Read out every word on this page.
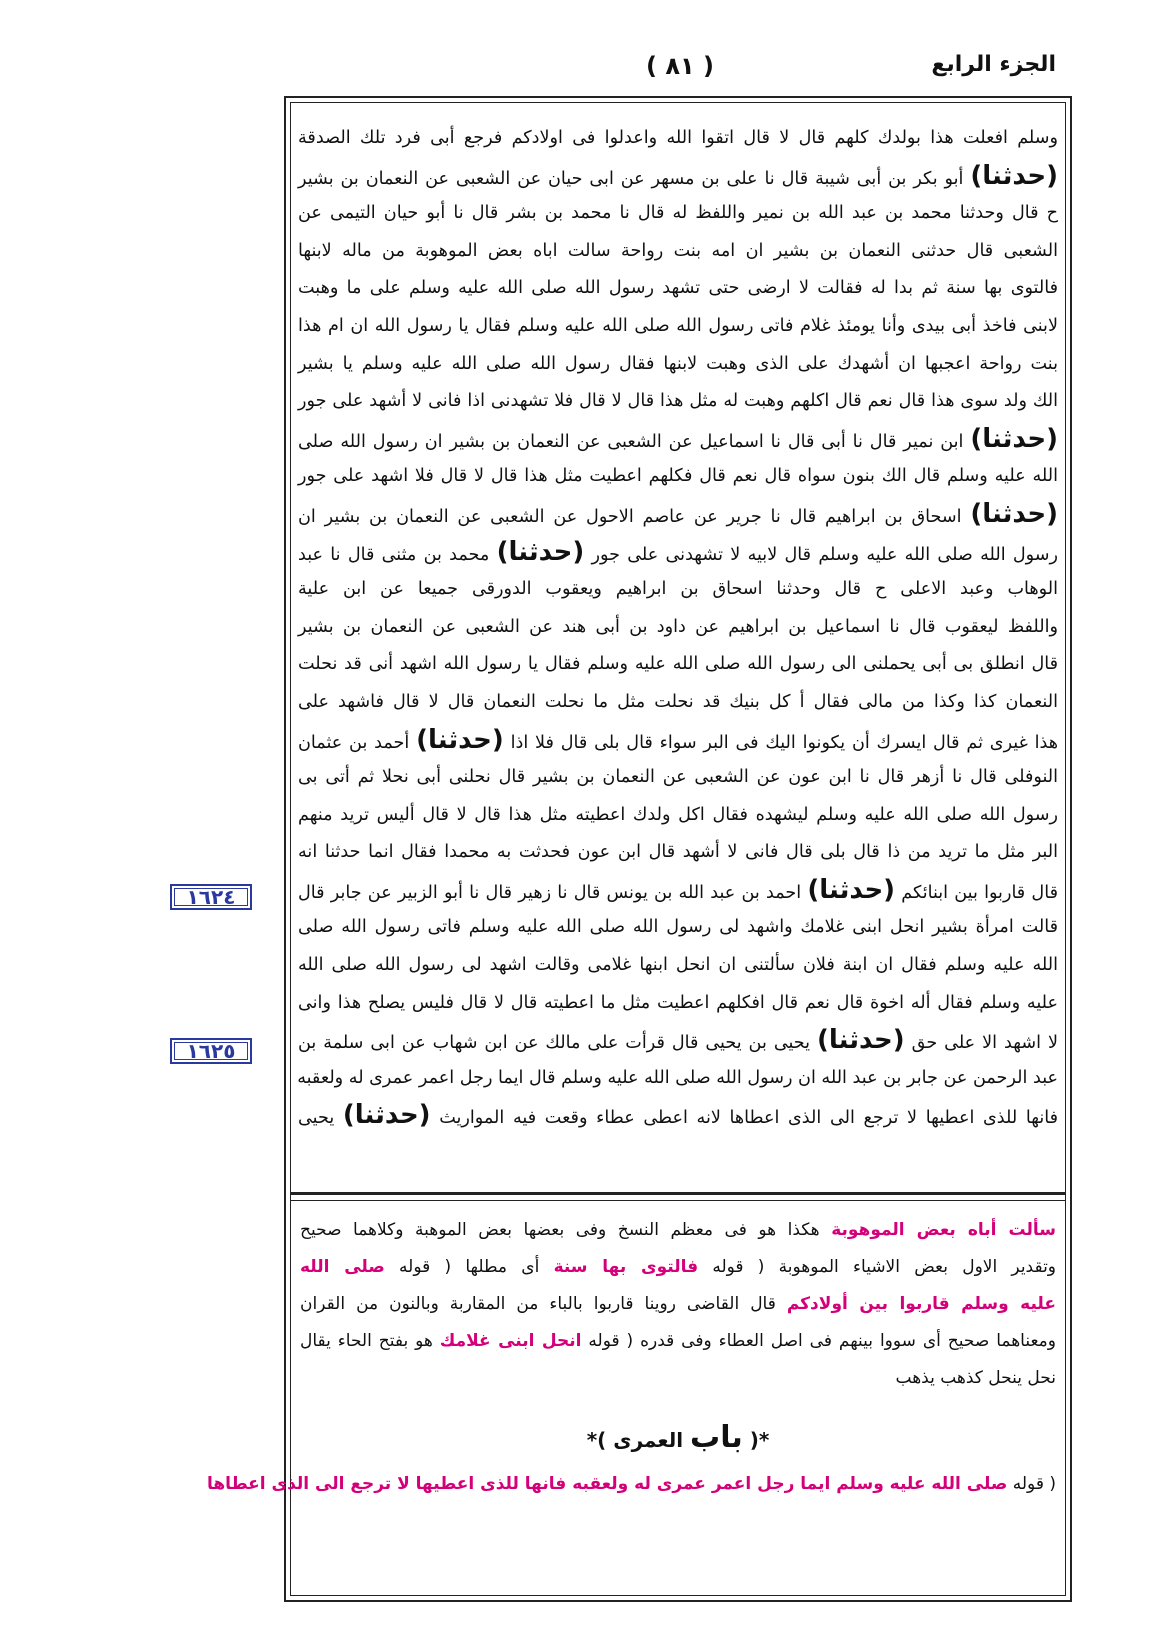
الجزء الرابع
( ٨١ )
١٦٢٤
١٦٢٥
وسلم افعلت هذا بولدك كلهم قال لا قال اتقوا الله واعدلوا فى اولادكم فرجع أبى فرد تلك الصدقة
(حدثنا) أبو بكر بن أبى شيبة قال نا على بن مسهر عن ابى حيان عن الشعبى عن النعمان بن بشير
ح قال وحدثنا محمد بن عبد الله بن نمير واللفظ له قال نا محمد بن بشر قال نا أبو حيان التيمى عن
الشعبى قال حدثنى النعمان بن بشير ان امه بنت رواحة سالت اباه بعض الموهوبة من ماله لابنها
فالتوى بها سنة ثم بدا له فقالت لا ارضى حتى تشهد رسول الله صلى الله عليه وسلم على ما وهبت
لابنى فاخذ أبى بيدى وأنا يومئذ غلام فاتى رسول الله صلى الله عليه وسلم فقال يا رسول الله ان ام هذا
بنت رواحة اعجبها ان أشهدك على الذى وهبت لابنها فقال رسول الله صلى الله عليه وسلم يا بشير
الك ولد سوى هذا قال نعم قال اكلهم وهبت له مثل هذا قال لا قال فلا تشهدنى اذا فانى لا أشهد على جور
(حدثنا) ابن نمير قال نا أبى قال نا اسماعيل عن الشعبى عن النعمان بن بشير ان رسول الله صلى
الله عليه وسلم قال الك بنون سواه قال نعم قال فكلهم اعطيت مثل هذا قال لا قال فلا اشهد على جور
(حدثنا) اسحاق بن ابراهيم قال نا جرير عن عاصم الاحول عن الشعبى عن النعمان بن بشير ان
رسول الله صلى الله عليه وسلم قال لابيه لا تشهدنى على جور (حدثنا) محمد بن مثنى قال نا عبد
الوهاب وعبد الاعلى ح قال وحدثنا اسحاق بن ابراهيم ويعقوب الدورقى جميعا عن ابن علية
واللفظ ليعقوب قال نا اسماعيل بن ابراهيم عن داود بن أبى هند عن الشعبى عن النعمان بن بشير
قال انطلق بى أبى يحملنى الى رسول الله صلى الله عليه وسلم فقال يا رسول الله اشهد أنى قد نحلت
النعمان كذا وكذا من مالى فقال أ كل بنيك قد نحلت مثل ما نحلت النعمان قال لا قال فاشهد على
هذا غيرى ثم قال ايسرك أن يكونوا اليك فى البر سواء قال بلى قال فلا اذا (حدثنا) أحمد بن عثمان
النوفلى قال نا أزهر قال نا ابن عون عن الشعبى عن النعمان بن بشير قال نحلنى أبى نحلا ثم أتى بى
رسول الله صلى الله عليه وسلم ليشهده فقال اكل ولدك اعطيته مثل هذا قال لا قال أليس تريد منهم
البر مثل ما تريد من ذا قال بلى قال فانى لا أشهد قال ابن عون فحدثت به محمدا فقال انما حدثنا انه
قال قاربوا بين ابنائكم (حدثنا) احمد بن عبد الله بن يونس قال نا زهير قال نا أبو الزبير عن جابر قال
قالت امرأة بشير انحل ابنى غلامك واشهد لى رسول الله صلى الله عليه وسلم فاتى رسول الله صلى
الله عليه وسلم فقال ان ابنة فلان سألتنى ان انحل ابنها غلامى وقالت اشهد لى رسول الله صلى الله
عليه وسلم فقال أله اخوة قال نعم قال افكلهم اعطيت مثل ما اعطيته قال لا قال فليس يصلح هذا وانى
لا اشهد الا على حق (حدثنا) يحيى بن يحيى قال قرأت على مالك عن ابن شهاب عن ابى سلمة بن
عبد الرحمن عن جابر بن عبد الله ان رسول الله صلى الله عليه وسلم قال ايما رجل اعمر عمرى له ولعقبه
فانها للذى اعطيها لا ترجع الى الذى اعطاها لانه اعطى عطاء وقعت فيه المواريث (حدثنا) يحيى
سألت أباه بعض الموهوبة هكذا هو فى معظم النسخ وفى بعضها بعض الموهبة وكلاهما صحيح
وتقدير الاول بعض الاشياء الموهوبة ( قوله فالتوى بها سنة أى مطلها ( قوله صلى الله
عليه وسلم قاربوا بين أولادكم قال القاضى روينا قاربوا بالباء من المقاربة وبالنون من القران
ومعناهما صحيح أى سووا بينهم فى اصل العطاء وفى قدره ( قوله انحل ابنى غلامك هو بفتح الحاء يقال
نحل ينحل كذهب يذهب
*( باب العمرى )*
( قوله صلى الله عليه وسلم ايما رجل اعمر عمرى له ولعقبه فانها للذى اعطيها لا ترجع الى الذى اعطاها
